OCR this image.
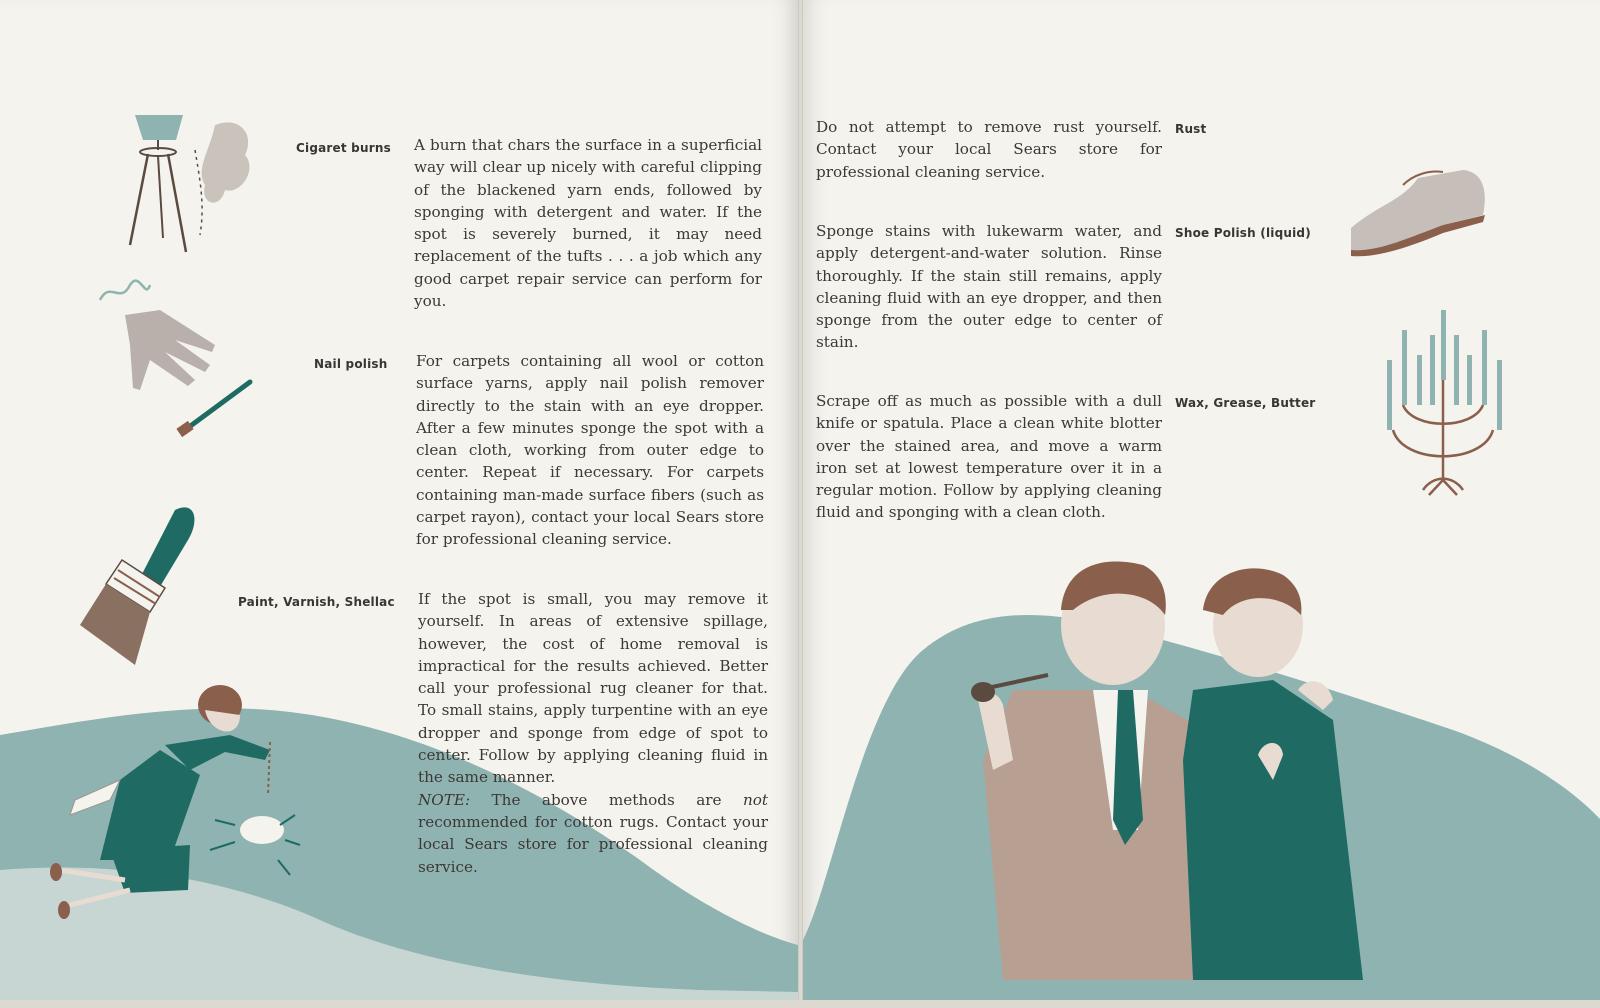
Cigaret burns A burn that chars the surface in a superficial way will clear up nicely with careful clipping of the blackened yarn ends, followed by sponging with detergent and water. If the spot is severely burned, it may need replacement of the tufts . . . a job which any good carpet repair service can perform for you.

Nail polish For carpets containing all wool or cotton surface yarns, apply nail polish remover directly to the stain with an eye dropper. After a few minutes sponge the spot with a clean cloth, working from outer edge to center. Repeat if necessary. For carpets containing man-made surface fibers (such as carpet rayon), contact your local Sears store for professional cleaning service.

Paint, Varnish, Shellac If the spot is small, you may remove it yourself. In areas of extensive spillage, however, the cost of home removal is impractical for the results achieved. Better call your professional rug cleaner for that. To small stains, apply turpentine with an eye dropper and sponge from edge of spot to center. Follow by applying cleaning fluid in the same manner.

NOTE: The above methods are not recommended for cotton rugs. Contact your local Sears store for professional cleaning service.

Do not attempt to remove rust yourself. Contact your local Sears store for professional cleaning service.

Rust

Sponge stains with lukewarm water, and apply detergent-and-water solution. Rinse thoroughly. If the stain still remains, apply cleaning fluid with an eye dropper, and then sponge from the outer edge to center of stain.

Shoe Polish (liquid)

Scrape off as much as possible with a dull knife or spatula. Place a clean white blotter over the stained area, and move a warm iron set at lowest temperature over it in a regular motion. Follow by applying cleaning fluid and sponging with a clean cloth.

Wax, Grease, Butter
